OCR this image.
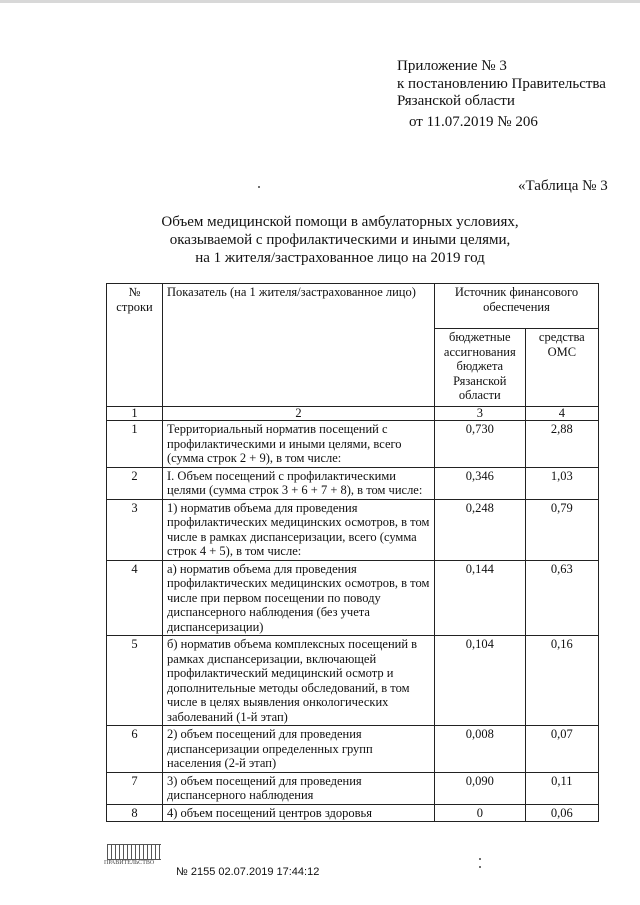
Приложение № 3
к постановлению Правительства
Рязанской области
от 11.07.2019 № 206
«Таблица № 3
Объем медицинской помощи в амбулаторных условиях,
оказываемой с профилактическими и иными целями,
на 1 жителя/застрахованное лицо на 2019 год
№ строки	Показатель (на 1 жителя/застрахованное лицо)	Источник финансового обеспечения	
		бюджетные ассигнования бюджета Рязанской области	средства ОМС
1	2	3	4
1	Территориальный норматив посещений с профилактическими и иными целями, всего (сумма строк 2 + 9), в том числе:	0,730	2,88
2	I. Объем посещений с профилактическими целями (сумма строк 3 + 6 + 7 + 8), в том числе:	0,346	1,03
3	1) норматив объема для проведения профилактических медицинских осмотров, в том числе в рамках диспансеризации, всего (сумма строк 4 + 5), в том числе:	0,248	0,79
4	а) норматив объема для проведения профилактических медицинских осмотров, в том числе при первом посещении по поводу диспансерного наблюдения (без учета диспансеризации)	0,144	0,63
5	б) норматив объема комплексных посещений в рамках диспансеризации, включающей профилактический медицинский осмотр и дополнительные методы обследований, в том числе в целях выявления онкологических заболеваний (1-й этап)	0,104	0,16
6	2) объем посещений для проведения диспансеризации определенных групп населения (2-й этап)	0,008	0,07
7	3) объем посещений для проведения диспансерного наблюдения	0,090	0,11
8	4) объем посещений центров здоровья	0	0,06
ПРАВИТЕЛЬСТВО
№ 2155 02.07.2019 17:44:12
